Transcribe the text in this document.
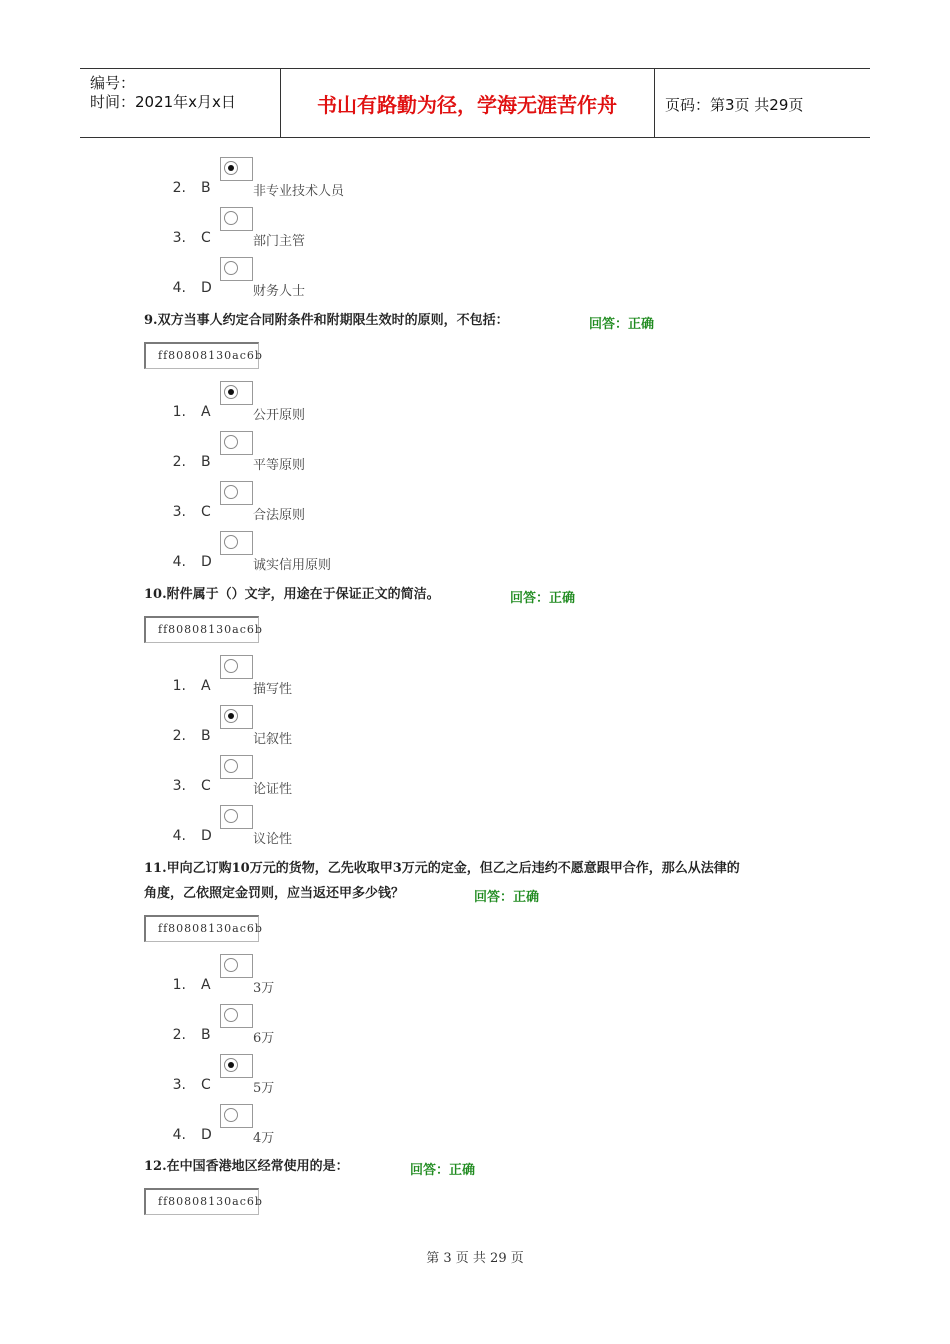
编号：
时间：2021年x月x日	书山有路勤为径，学海无涯苦作舟	页码：第3页 共29页
2. B	非专业技术人员
3. C	部门主管
4. D	财务人士
9.双方当事人约定合同附条件和附期限生效时的原则，不包括：	回答：正确
ff80808130ac6b
1. A	公开原则
2. B	平等原则
3. C	合法原则
4. D	诚实信用原则
10.附件属于（）文字，用途在于保证正文的简洁。	回答：正确
ff80808130ac6b
1. A	描写性
2. B	记叙性
3. C	论证性
4. D	议论性
11.甲向乙订购10万元的货物，乙先收取甲3万元的定金，但乙之后违约不愿意跟甲合作，那么从法律的
角度，乙依照定金罚则，应当返还甲多少钱？	回答：正确
ff80808130ac6b
1. A	3万
2. B	6万
3. C	5万
4. D	4万
12.在中国香港地区经常使用的是：	回答：正确
ff80808130ac6b
第 3 页 共 29 页
